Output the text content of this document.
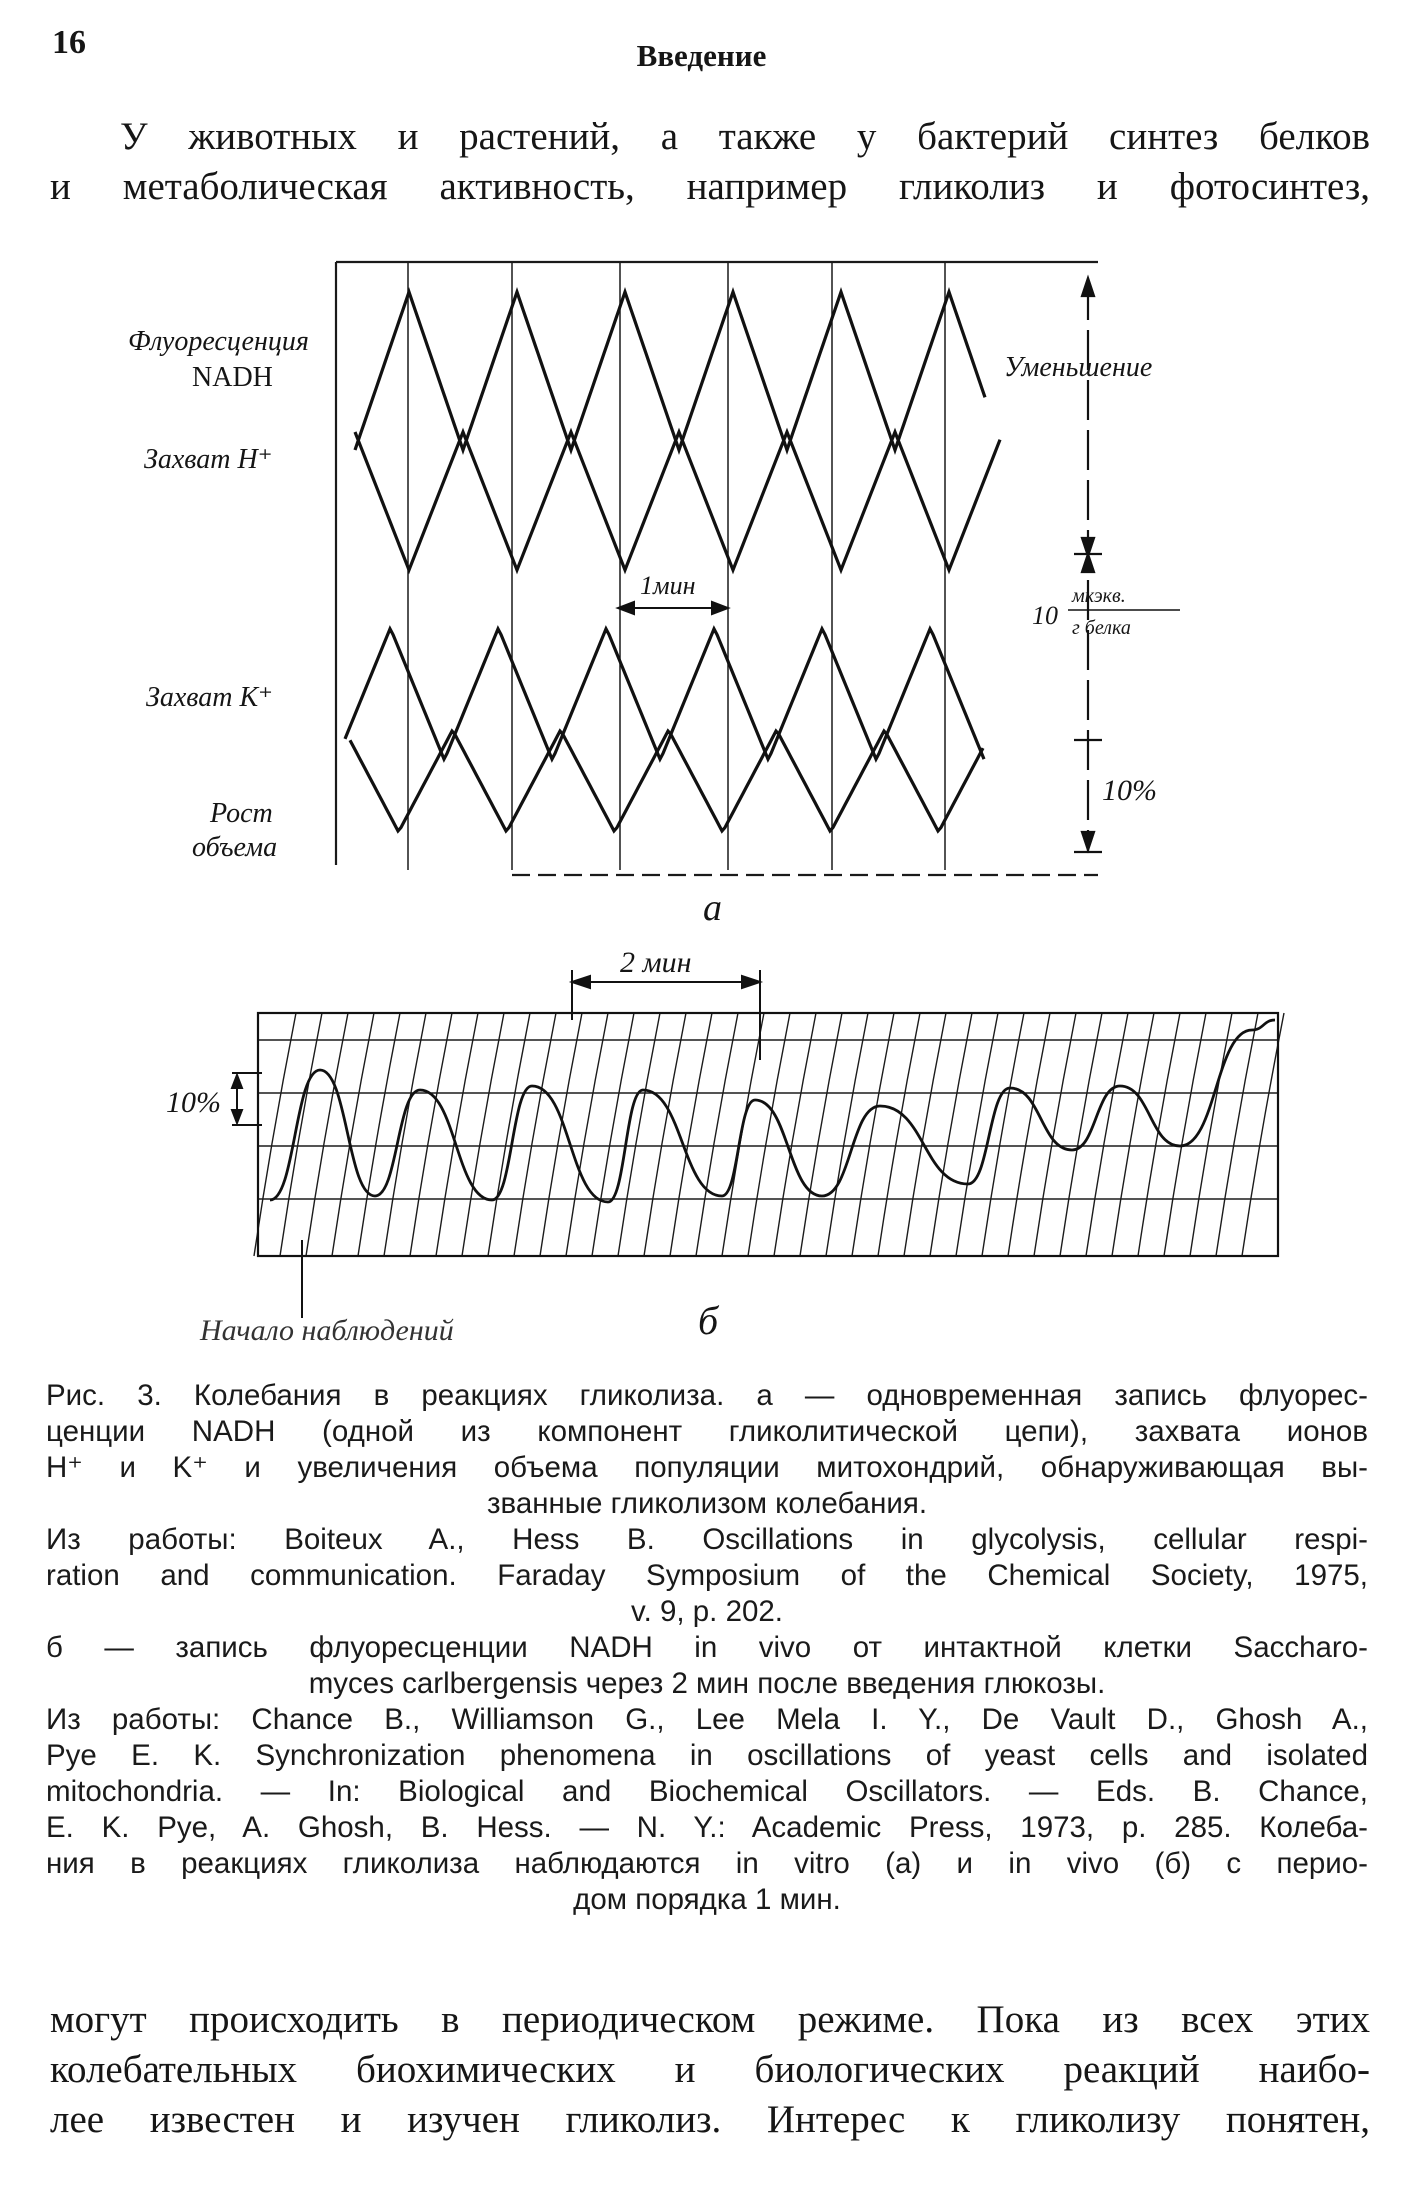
16	Введение
У животных и растений, а также у бактерий синтез белков
и метаболическая активность, например гликолиз и фотосинтез,
Флуоресценция
NADH
Захват H⁺
Захват K⁺
Рост
объема
Уменьшение
1мин
10
мкэкв.
г белка
10%
а
2 мин
10%
Начало наблюдений	б
Рис. 3. Колебания в реакциях гликолиза. а — одновременная запись флуорес-
ценции NADH (одной из компонент гликолитической цепи), захвата ионов
H⁺ и K⁺ и увеличения объема популяции митохондрий, обнаруживающая вы-
званные гликолизом колебания.
Из работы: Boiteux A., Hess B. Oscillations in glycolysis, cellular respi-
ration and communication. Faraday Symposium of the Chemical Society, 1975,
v. 9, p. 202.
б — запись флуоресценции NADH in vivo от интактной клетки Saccharo-
myces carlbergensis через 2 мин после введения глюкозы.
Из работы: Chance B., Williamson G., Lee Mela I. Y., De Vault D., Ghosh A.,
Pye E. K. Synchronization phenomena in oscillations of yeast cells and isolated
mitochondria. — In: Biological and Biochemical Oscillators. — Eds. B. Chance,
E. K. Pye, A. Ghosh, B. Hess. — N. Y.: Academic Press, 1973, p. 285. Колеба-
ния в реакциях гликолиза наблюдаются in vitro (а) и in vivo (б) с перио-
дом порядка 1 мин.
могут происходить в периодическом режиме. Пока из всех этих
колебательных биохимических и биологических реакций наибо-
лее известен и изучен гликолиз. Интерес к гликолизу понятен,
